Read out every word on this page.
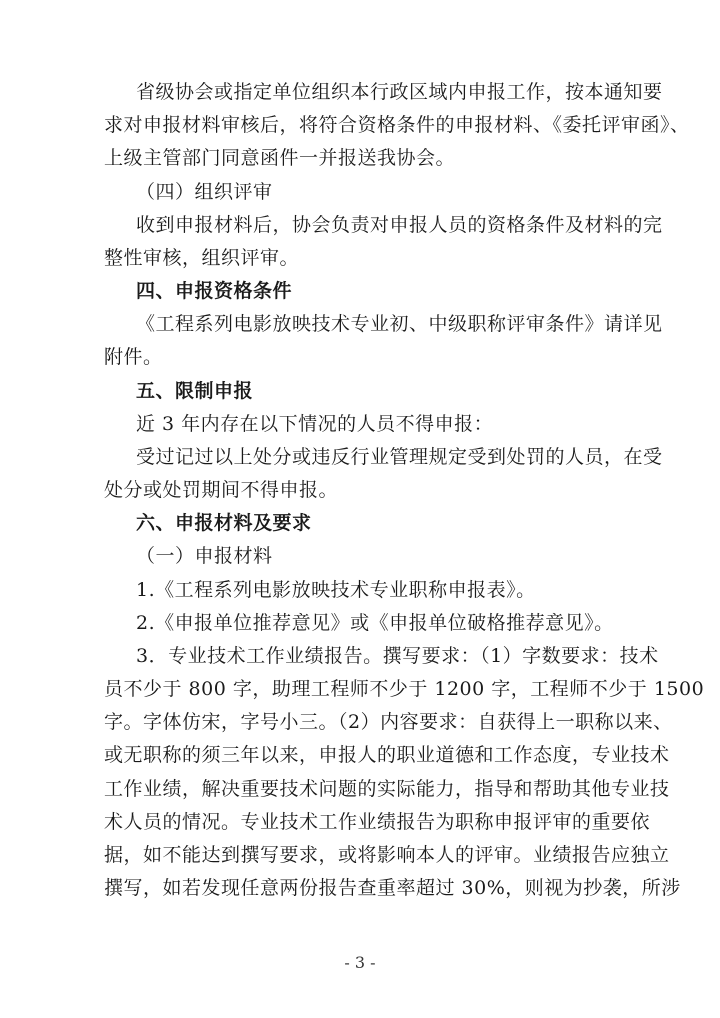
省级协会或指定单位组织本行政区域内申报工作，按本通知要
求对申报材料审核后，将符合资格条件的申报材料、《委托评审函》、
上级主管部门同意函件一并报送我协会。
（四）组织评审
收到申报材料后，协会负责对申报人员的资格条件及材料的完
整性审核，组织评审。
四、申报资格条件
《工程系列电影放映技术专业初、中级职称评审条件》请详见
附件。
五、限制申报
近 3 年内存在以下情况的人员不得申报：
受过记过以上处分或违反行业管理规定受到处罚的人员，在受
处分或处罚期间不得申报。
六、申报材料及要求
（一）申报材料
1.《工程系列电影放映技术专业职称申报表》。
2.《申报单位推荐意见》或《申报单位破格推荐意见》。
3．专业技术工作业绩报告。撰写要求：（1）字数要求：技术
员不少于 800 字，助理工程师不少于 1200 字，工程师不少于 1500
字。字体仿宋，字号小三。（2）内容要求：自获得上一职称以来、
或无职称的须三年以来，申报人的职业道德和工作态度，专业技术
工作业绩，解决重要技术问题的实际能力，指导和帮助其他专业技
术人员的情况。专业技术工作业绩报告为职称申报评审的重要依
据，如不能达到撰写要求，或将影响本人的评审。业绩报告应独立
撰写，如若发现任意两份报告查重率超过 30%，则视为抄袭，所涉
- 3 -
